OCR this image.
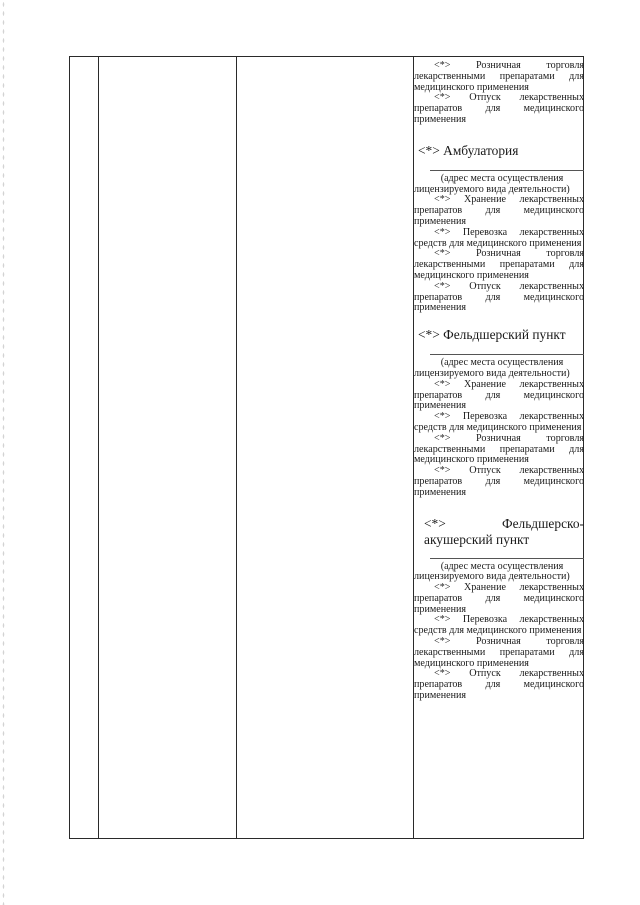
<*> Розничная торговля лекарственными препаратами для медицинского применения

<*> Отпуск лекарственных препаратов для медицинского применения

<*> Амбулатория

(адрес места осуществления

лицензируемого вида деятельности)

<*> Хранение лекарственных препаратов для медицинского применения

<*> Перевозка лекарственных средств для медицинского применения

<*> Розничная торговля лекарственными препаратами для медицинского применения

<*> Отпуск лекарственных препаратов для медицинского применения

<*> Фельдшерский пункт

(адрес места осуществления

лицензируемого вида деятельности)

<*> Хранение лекарственных препаратов для медицинского применения

<*> Перевозка лекарственных средств для медицинского применения

<*> Розничная торговля лекарственными препаратами для медицинского применения

<*> Отпуск лекарственных препаратов для медицинского применения

<*> Фельдшерско-акушерский пункт

(адрес места осуществления

лицензируемого вида деятельности)

<*> Хранение лекарственных препаратов для медицинского применения

<*> Перевозка лекарственных средств для медицинского применения

<*> Розничная торговля лекарственными препаратами для медицинского применения

<*> Отпуск лекарственных препаратов для медицинского применения
